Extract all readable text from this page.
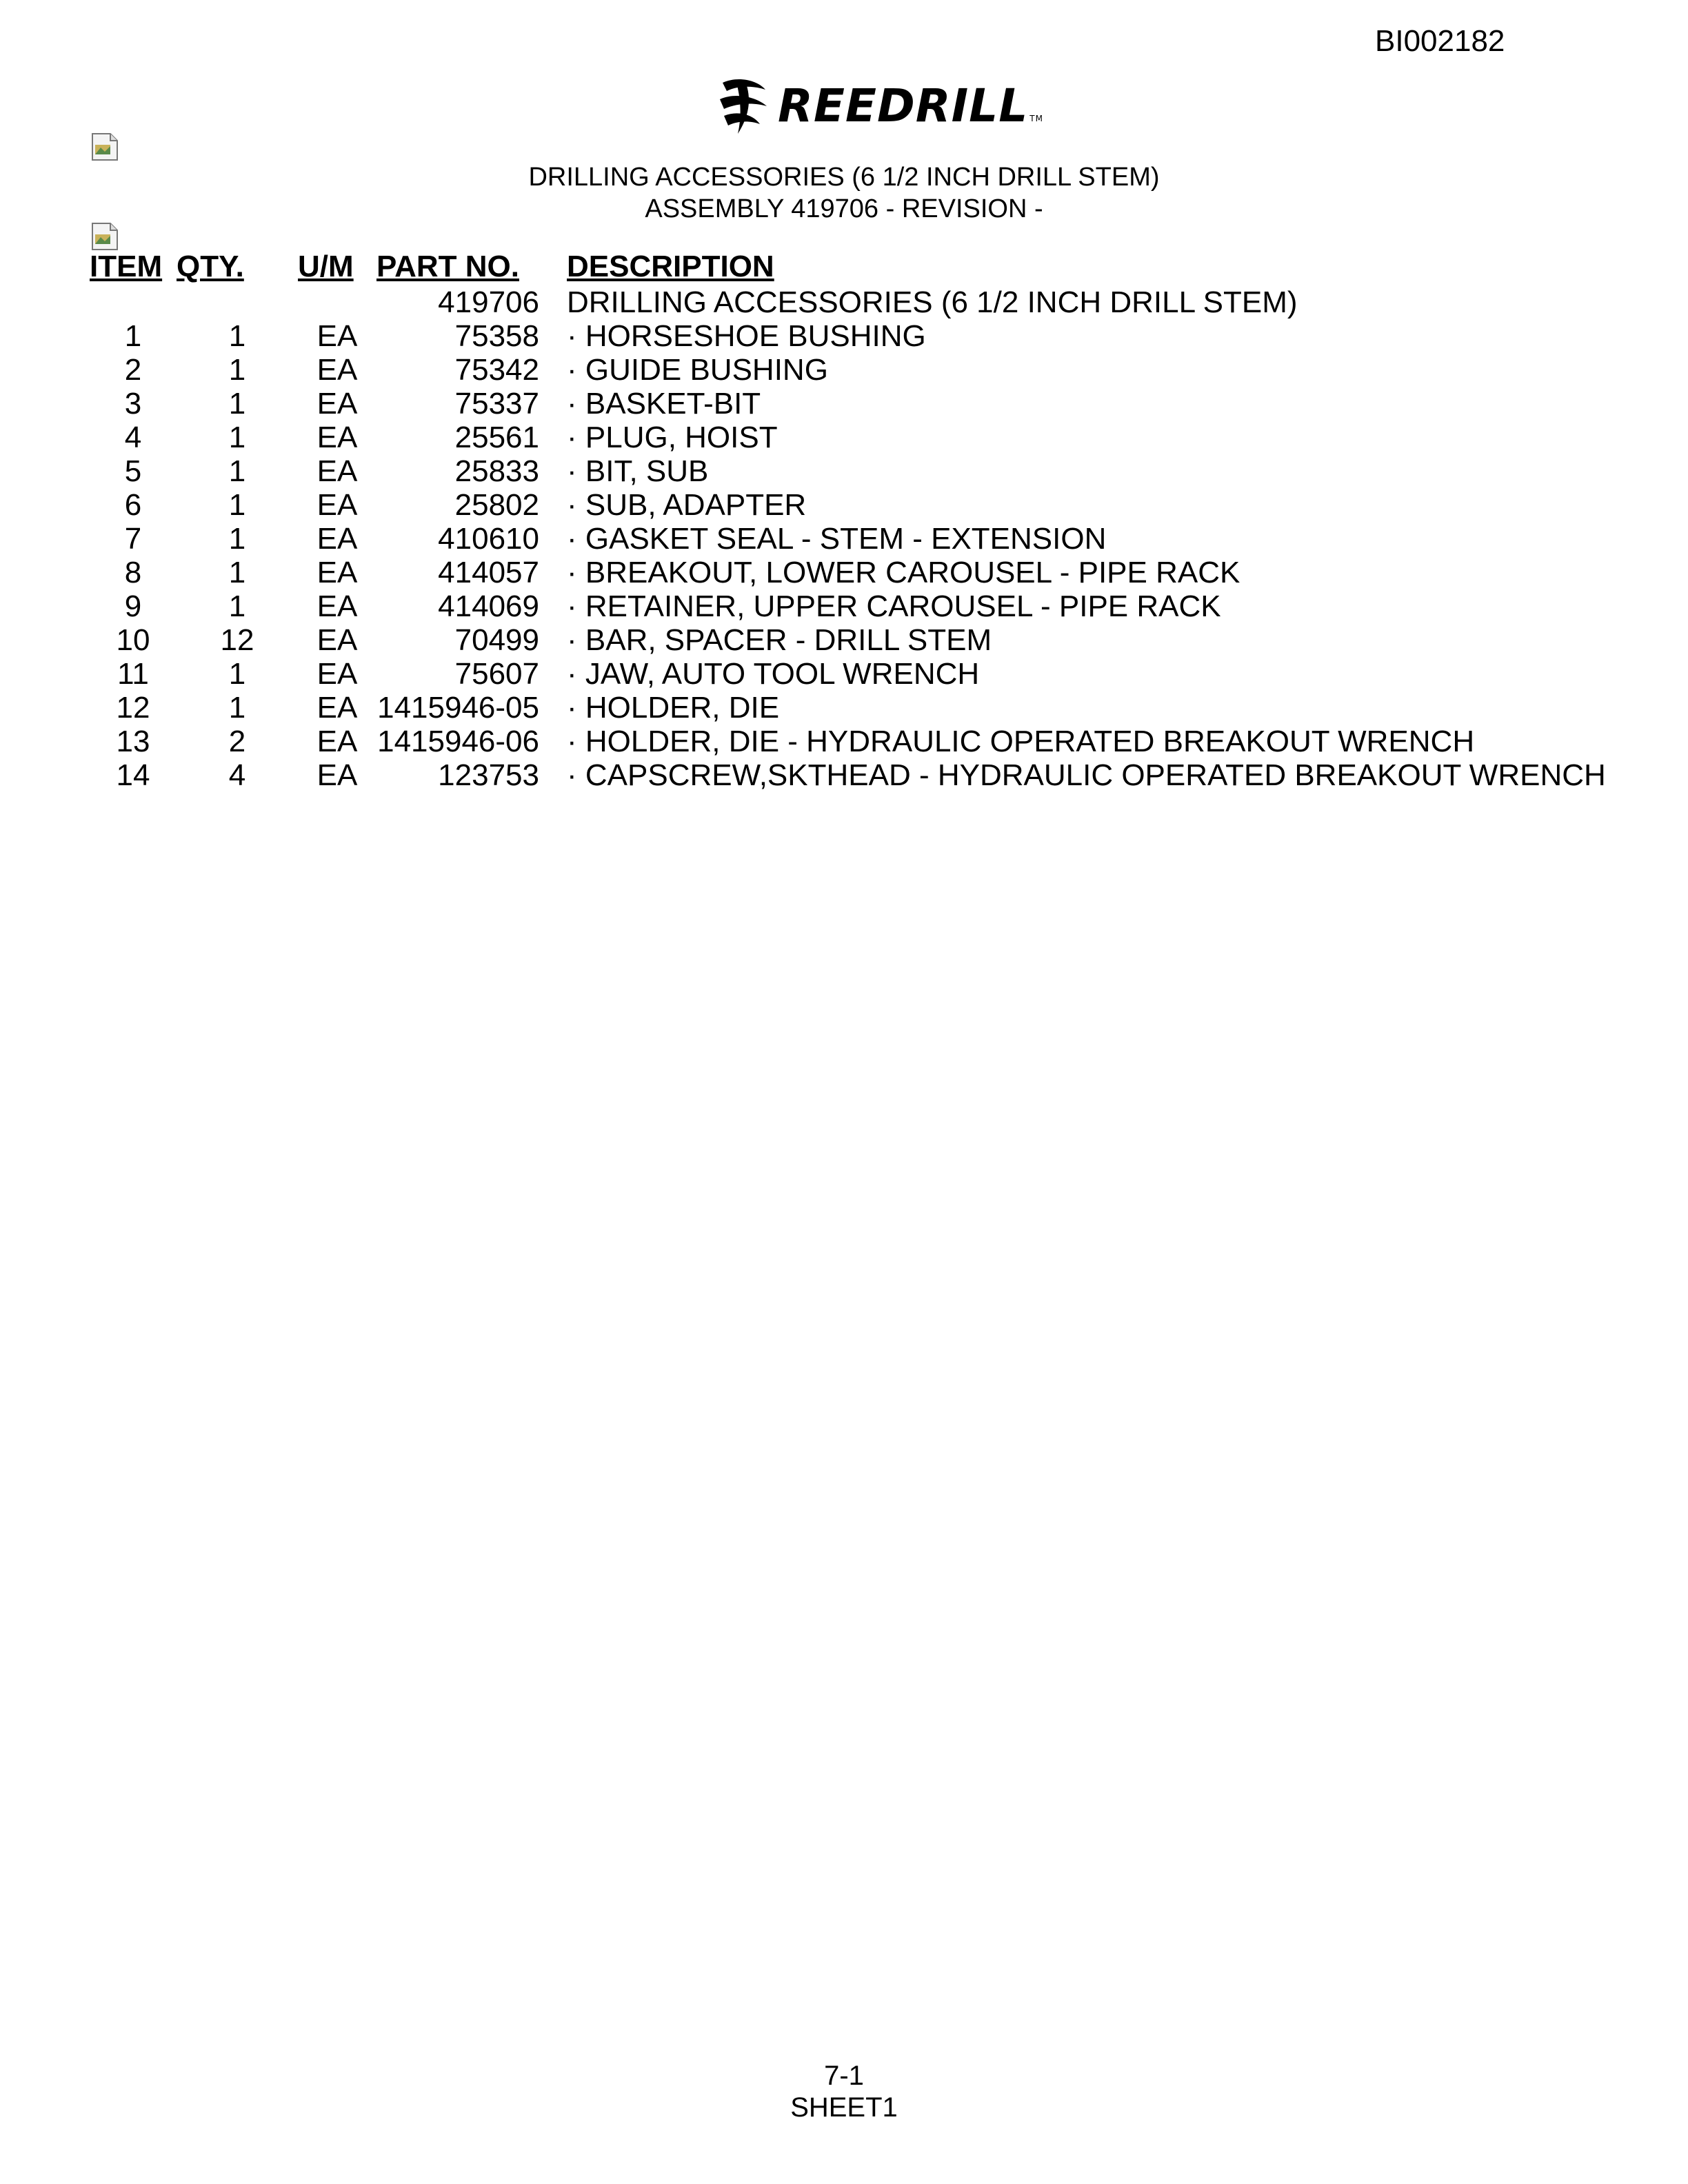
BI002182
REEDRILL TM
DRILLING ACCESSORIES (6 1/2 INCH DRILL STEM)
ASSEMBLY 419706 - REVISION -
ITEM	QTY.	U/M	PART NO.		DESCRIPTION
			419706		DRILLING ACCESSORIES (6 1/2 INCH DRILL STEM)
1	1	EA	75358		· HORSESHOE BUSHING
2	1	EA	75342		· GUIDE BUSHING
3	1	EA	75337		· BASKET-BIT
4	1	EA	25561		· PLUG, HOIST
5	1	EA	25833		· BIT, SUB
6	1	EA	25802		· SUB, ADAPTER
7	1	EA	410610		· GASKET SEAL - STEM - EXTENSION
8	1	EA	414057		· BREAKOUT, LOWER CAROUSEL - PIPE RACK
9	1	EA	414069		· RETAINER, UPPER CAROUSEL - PIPE RACK
10	12	EA	70499		· BAR, SPACER - DRILL STEM
11	1	EA	75607		· JAW, AUTO TOOL WRENCH
12	1	EA	1415946-05		· HOLDER, DIE
13	2	EA	1415946-06		· HOLDER, DIE - HYDRAULIC OPERATED BREAKOUT WRENCH
14	4	EA	123753		· CAPSCREW,SKTHEAD - HYDRAULIC OPERATED BREAKOUT WRENCH
7-1
SHEET1
